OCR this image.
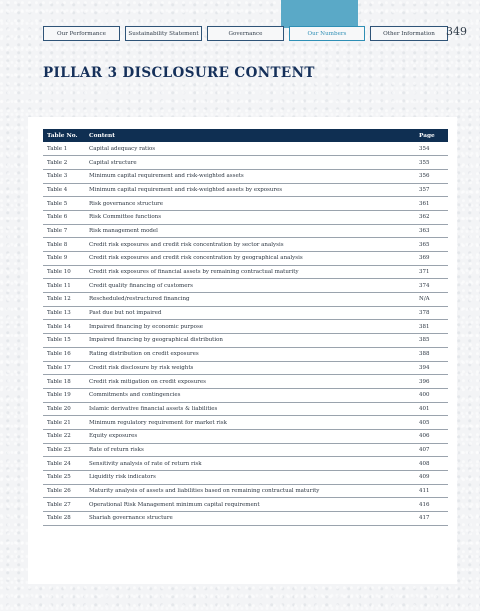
Our Performance	Sustainability Statement	Governance	Our Numbers	Other Information	349
PILLAR 3 DISCLOSURE CONTENT
Table No.	Content	Page
Table 1	Capital adequacy ratios	354
Table 2	Capital structure	355
Table 3	Minimum capital requirement and risk-weighted assets	356
Table 4	Minimum capital requirement and risk-weighted assets by exposures	357
Table 5	Risk governance structure	361
Table 6	Risk Committee functions	362
Table 7	Risk management model	363
Table 8	Credit risk exposures and credit risk concentration by sector analysis	365
Table 9	Credit risk exposures and credit risk concentration by geographical analysis	369
Table 10	Credit risk exposures of financial assets by remaining contractual maturity	371
Table 11	Credit quality financing of customers	374
Table 12	Rescheduled/restructured financing	N/A
Table 13	Past due but not impaired	378
Table 14	Impaired financing by economic purpose	381
Table 15	Impaired financing by geographical distribution	385
Table 16	Rating distribution on credit exposures	388
Table 17	Credit risk disclosure by risk weights	394
Table 18	Credit risk mitigation on credit exposures	396
Table 19	Commitments and contingencies	400
Table 20	Islamic derivative financial assets & liabilities	401
Table 21	Minimum regulatory requirement for market risk	405
Table 22	Equity exposures	406
Table 23	Rate of return risks	407
Table 24	Sensitivity analysis of rate of return risk	408
Table 25	Liquidity risk indicators	409
Table 26	Maturity analysis of assets and liabilities based on remaining contractual maturity	411
Table 27	Operational Risk Management minimum capital requirement	416
Table 28	Shariah governance structure	417
